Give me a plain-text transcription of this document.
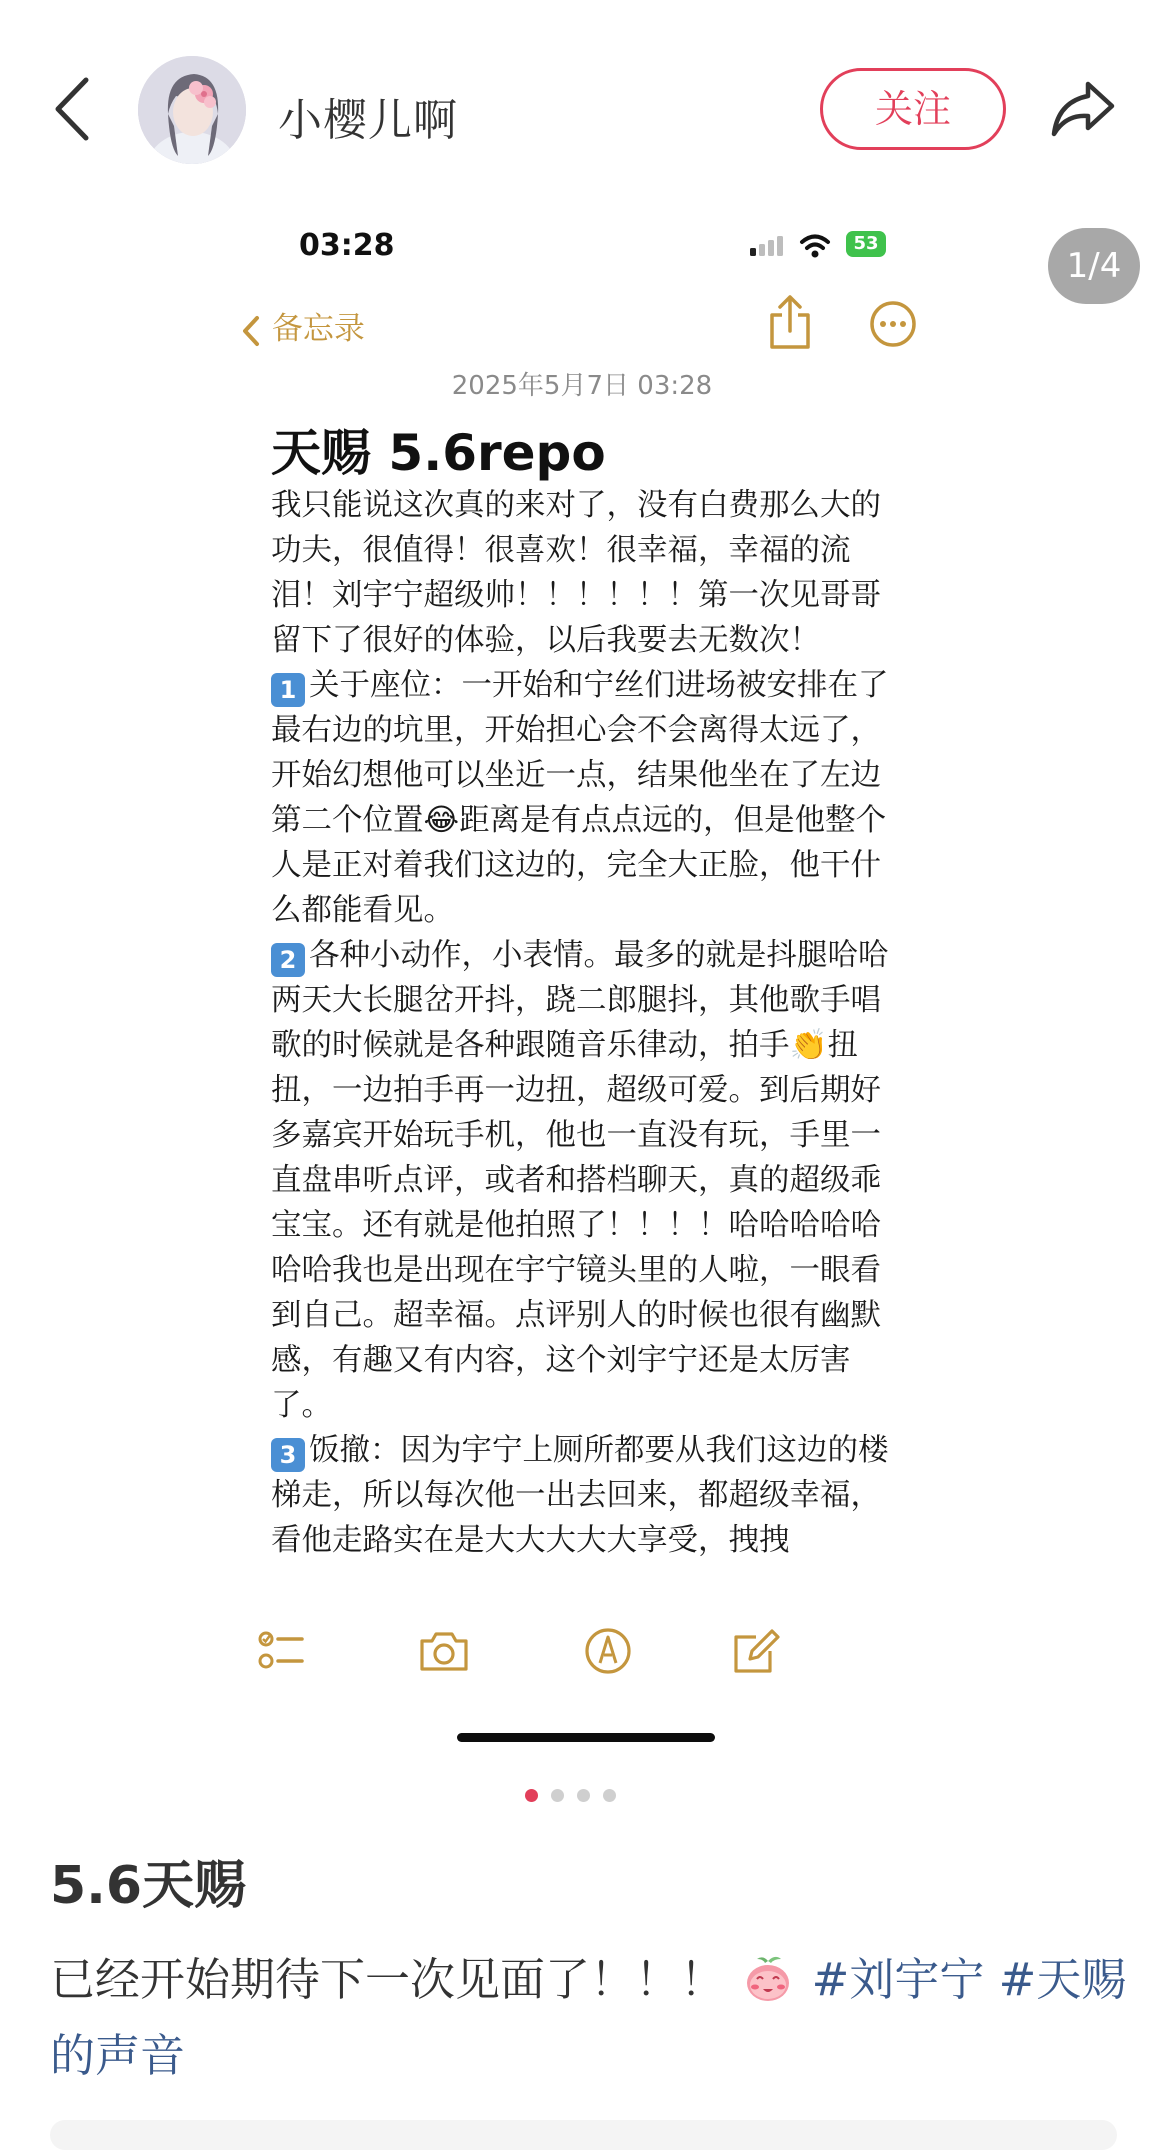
小樱儿啊	关注
1/4
03:28	53
备忘录
2025年5月7日 03:28
天赐 5.6repo

我只能说这次真的来对了，没有白费那么大的功夫，很值得！很喜欢！很幸福，幸福的流泪！刘宇宁超级帅！！！！！！第一次见哥哥留下了很好的体验，以后我要去无数次！

1 关于座位：一开始和宁丝们进场被安排在了最右边的坑里，开始担心会不会离得太远了，开始幻想他可以坐近一点，结果他坐在了左边第二个位置😂距离是有点点远的，但是他整个人是正对着我们这边的，完全大正脸，他干什么都能看见。

2 各种小动作，小表情。最多的就是抖腿哈哈两天大长腿岔开抖，跷二郎腿抖，其他歌手唱歌的时候就是各种跟随音乐律动，拍手👏扭扭，一边拍手再一边扭，超级可爱。到后期好多嘉宾开始玩手机，他也一直没有玩，手里一直盘串听点评，或者和搭档聊天，真的超级乖宝宝。还有就是他拍照了！！！！哈哈哈哈哈哈哈我也是出现在宇宁镜头里的人啦，一眼看到自己。超幸福。点评别人的时候也很有幽默感，有趣又有内容，这个刘宇宁还是太厉害了。

3 饭撤：因为宇宁上厕所都要从我们这边的楼梯走，所以每次他一出去回来，都超级幸福，看他走路实在是大大大大大享受，拽拽

5.6天赐
已经开始期待下一次见面了！！！ #刘宇宁 #天赐的声音
